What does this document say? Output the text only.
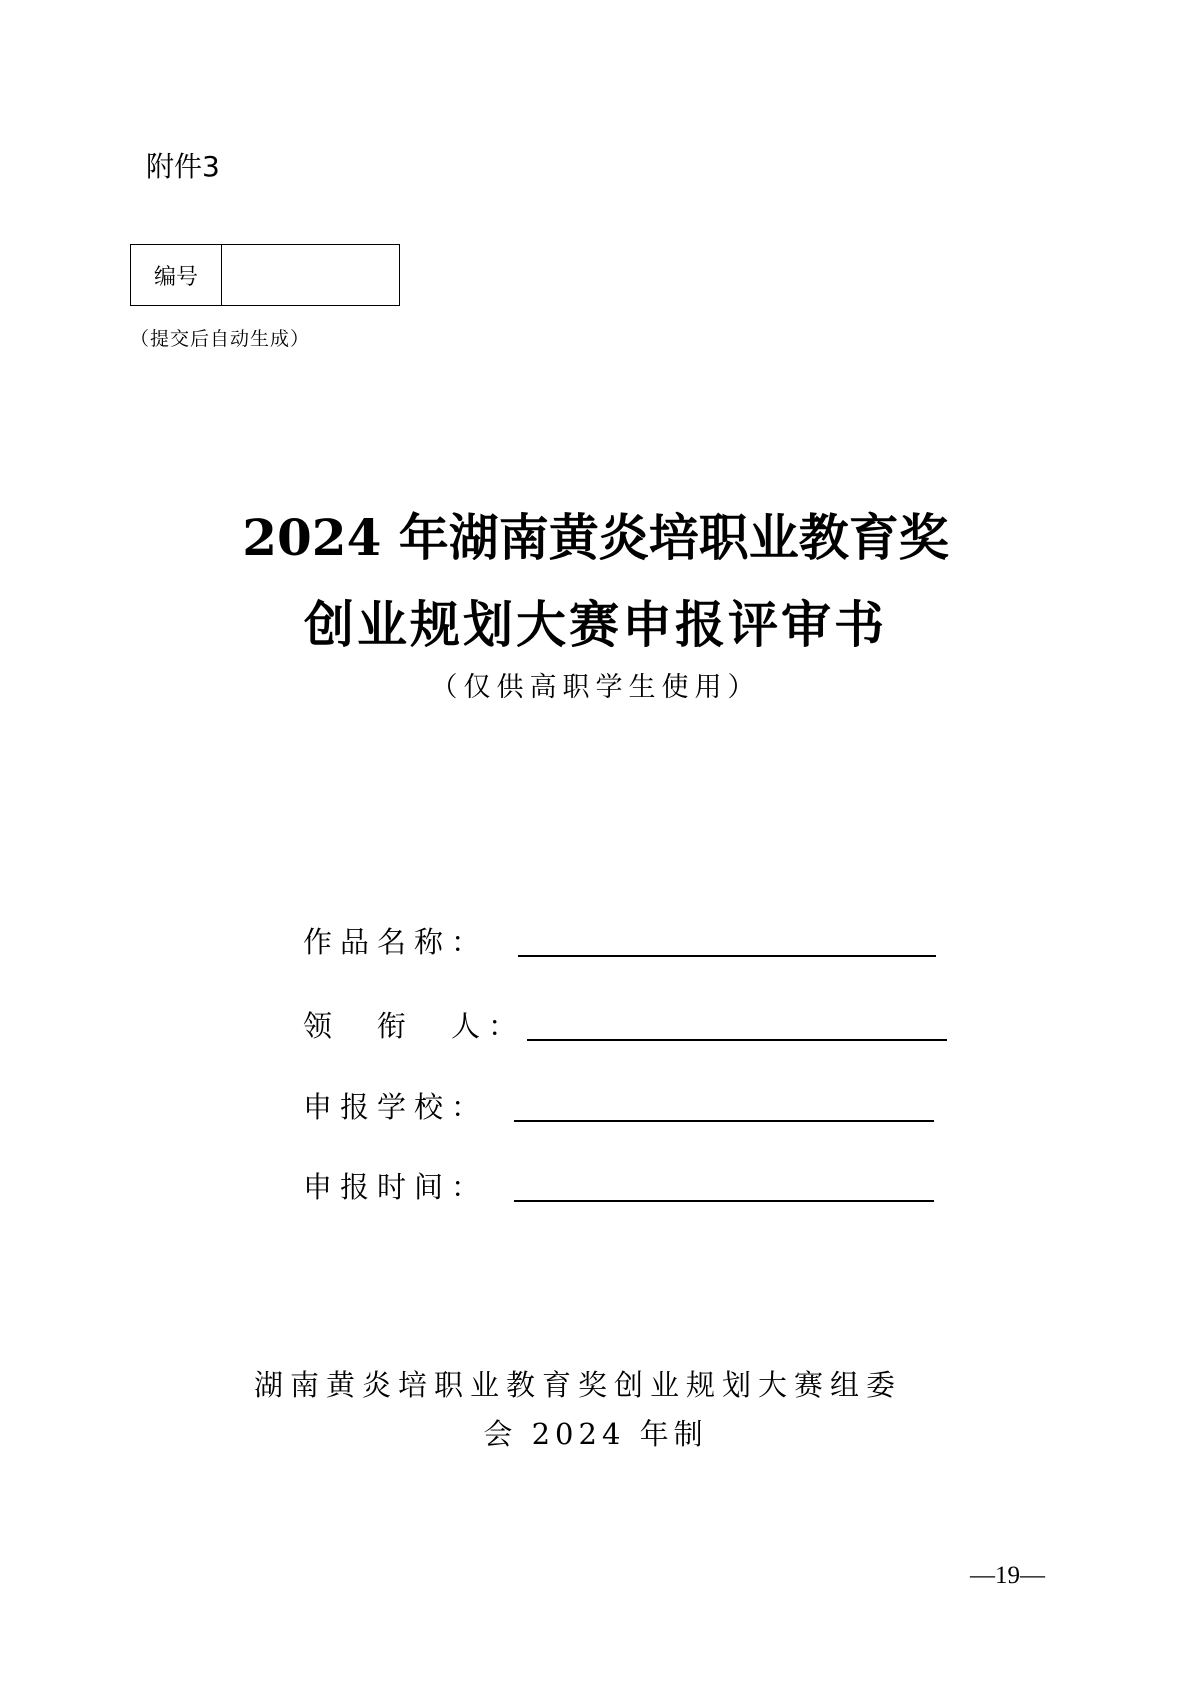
附件3
编号
（提交后自动生成）
2024 年湖南黄炎培职业教育奖
创业规划大赛申报评审书
（仅供高职学生使用）
作品名称：
领　衔　人：
申报学校：
申报时间：
湖南黄炎培职业教育奖创业规划大赛组委
会 2024 年制
—19—
